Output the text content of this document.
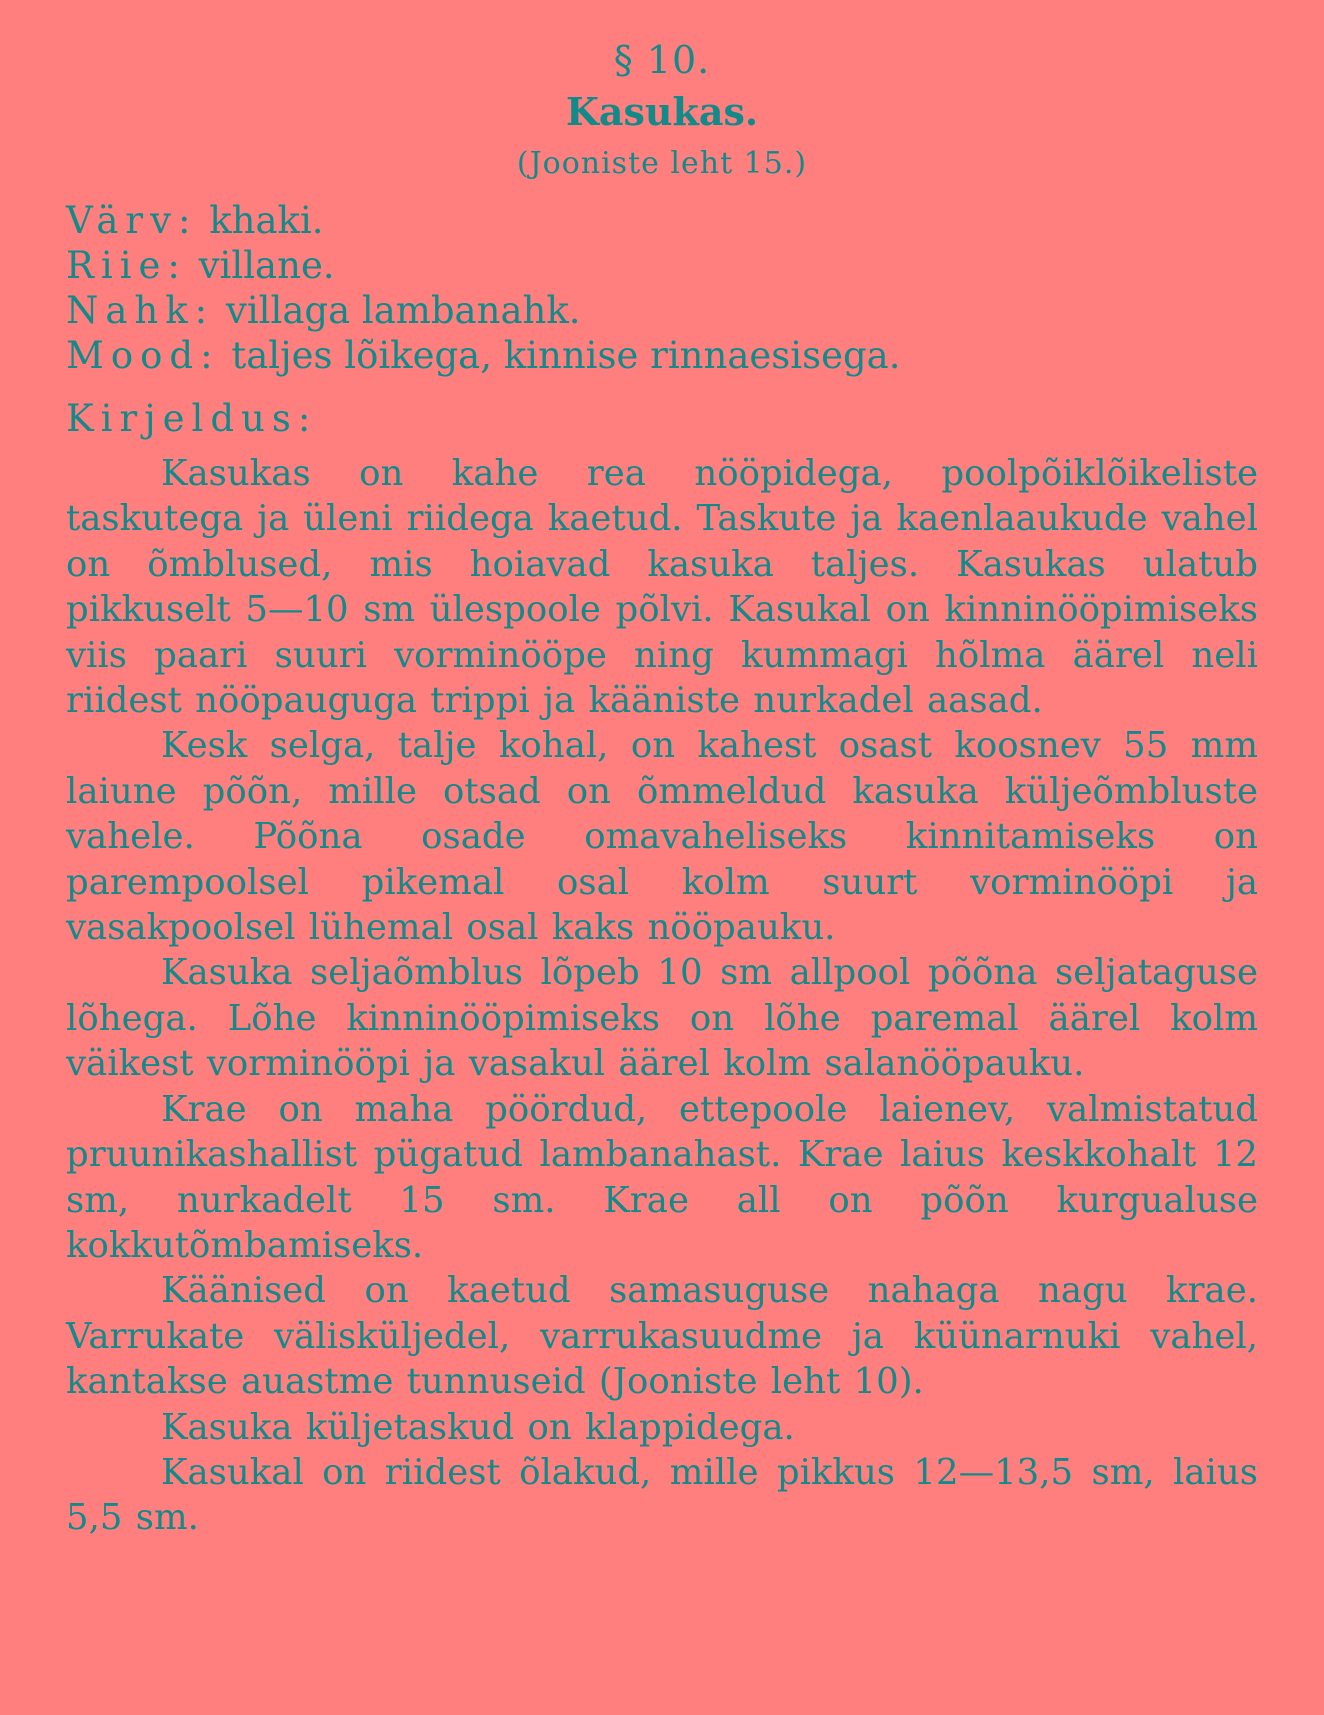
§ 10.
Kasukas.
(Jooniste leht 15.)
Värv: khaki.
Riie: villane.
Nahk: villaga lambanahk.
Mood: taljes lõikega, kinnise rinnaesisega.
Kirjeldus:

Kasukas on kahe rea nööpidega, poolpõiklõikeliste taskutega ja üleni riidega kaetud. Taskute ja kaenlaaukude vahel on õmblused, mis hoiavad kasuka taljes. Kasukas ulatub pikkuselt 5—10 sm ülespoole põlvi. Kasukal on kinninööpimiseks viis paari suuri vorminööpe ning kummagi hõlma äärel neli riidest nööpauguga trippi ja kääniste nurkadel aasad.

Kesk selga, talje kohal, on kahest osast koosnev 55 mm laiune põõn, mille otsad on õmmeldud kasuka küljeõmbluste vahele. Põõna osade omavaheliseks kinnitamiseks on parempoolsel pikemal osal kolm suurt vorminööpi ja vasakpoolsel lühemal osal kaks nööpauku.

Kasuka seljaõmblus lõpeb 10 sm allpool põõna seljataguse lõhega. Lõhe kinninööpimiseks on lõhe paremal äärel kolm väikest vorminööpi ja vasakul äärel kolm salanööpauku.

Krae on maha pöördud, ettepoole laienev, valmistatud pruunikashallist pügatud lambanahast. Krae laius keskkohalt 12 sm, nurkadelt 15 sm. Krae all on põõn kurgualuse kokkutõmbamiseks.

Käänised on kaetud samasuguse nahaga nagu krae. Varrukate välisküljedel, varrukasuudme ja küünarnuki vahel, kantakse auastme tunnuseid (Jooniste leht 10).

Kasuka küljetaskud on klappidega.

Kasukal on riidest õlakud, mille pikkus 12—13,5 sm, laius 5,5 sm.
